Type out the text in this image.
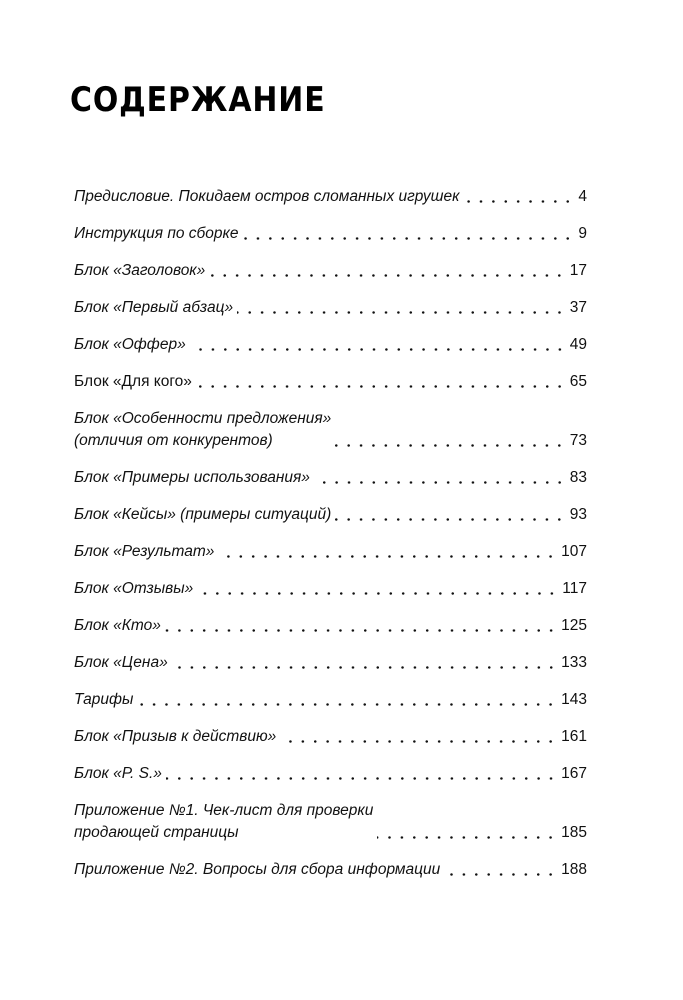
СОДЕРЖАНИЕ
Предисловие. Покидаем остров сломанных игрушек	4
Инструкция по сборке	9
Блок «Заголовок»	17
Блок «Первый абзац»	37
Блок «Оффер»	49
Блок «Для кого»	65
Блок «Особенности предложения»
(отличия от конкурентов)	73
Блок «Примеры использования»	83
Блок «Кейсы» (примеры ситуаций)	93
Блок «Результат»	107
Блок «Отзывы»	117
Блок «Кто»	125
Блок «Цена»	133
Тарифы	143
Блок «Призыв к действию»	161
Блок «P. S.»	167
Приложение №1. Чек-лист для проверки
продающей страницы	185
Приложение №2. Вопросы для сбора информации	188
